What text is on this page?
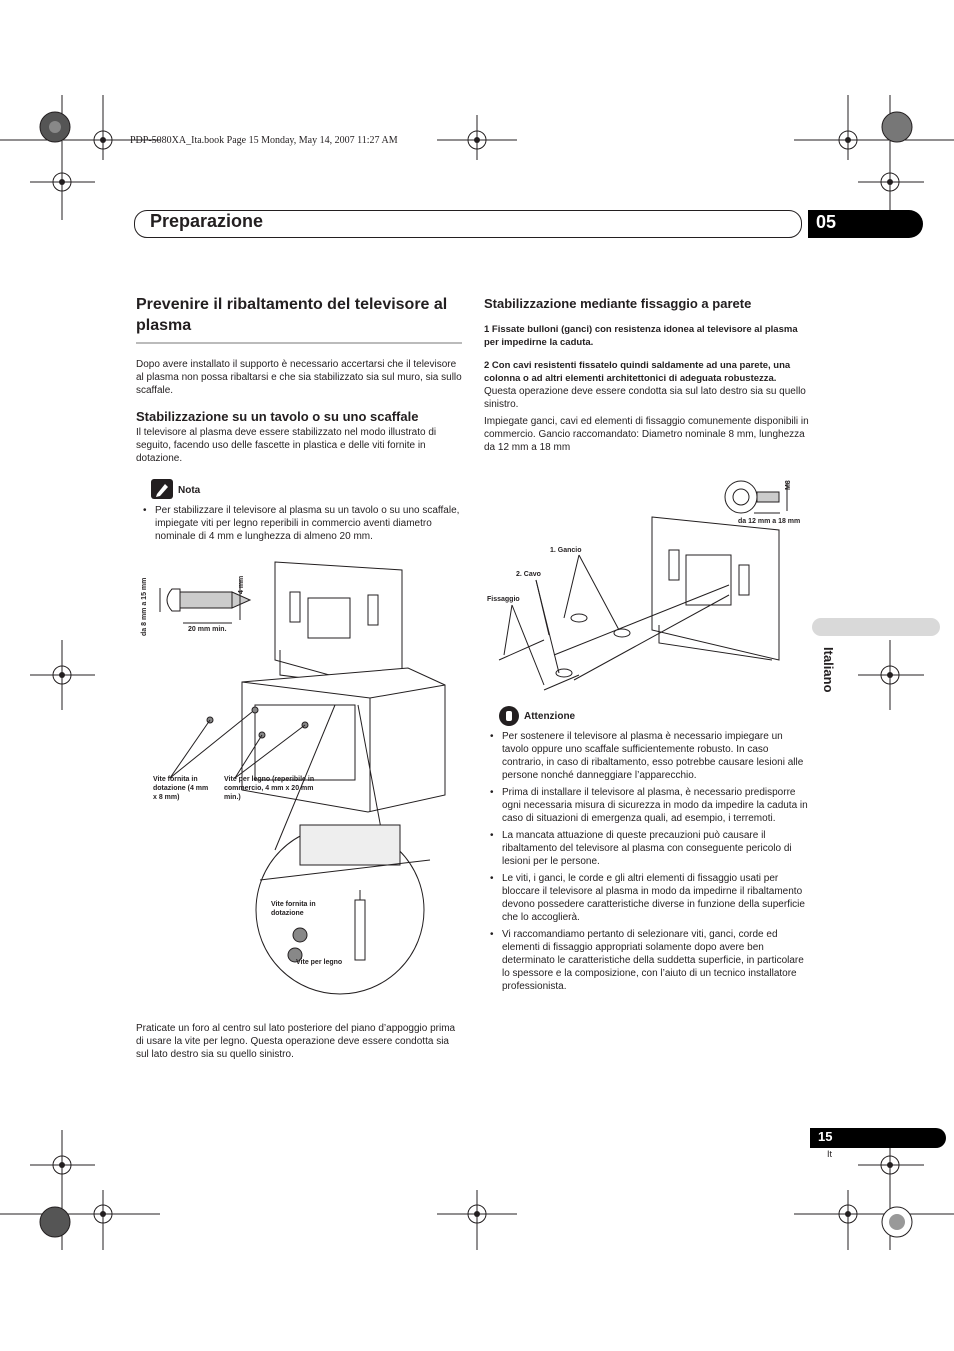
PDP-5080XA_Ita.book Page 15 Monday, May 14, 2007 11:27 AM
Preparazione	05
Prevenire il ribaltamento del televisore al plasma

Dopo avere installato il supporto è necessario accertarsi che il televisore al plasma non possa ribaltarsi e che sia stabilizzato sia sul muro, sia sullo scaffale.

Stabilizzazione su un tavolo o su uno scaffale

Il televisore al plasma deve essere stabilizzato nel modo illustrato di seguito, facendo uso delle fascette in plastica e delle viti fornite in dotazione.

Nota
• Per stabilizzare il televisore al plasma su un tavolo o su uno scaffale, impiegate viti per legno reperibili in commercio aventi diametro nominale di 4 mm e lunghezza di almeno 20 mm.
da 8 mm a 15 mm	4 mm
20 mm min.
Vite fornita in dotazione (4 mm x 8 mm)
Vite per legno (reperibile in commercio, 4 mm x 20 mm min.)
Vite fornita in dotazione
Vite per legno

Praticate un foro al centro sul lato posteriore del piano d’appoggio prima di usare la vite per legno. Questa operazione deve essere condotta sia sul lato destro sia su quello sinistro.

Stabilizzazione mediante fissaggio a parete

1 Fissate bulloni (ganci) con resistenza idonea al televisore al plasma per impedirne la caduta.

2 Con cavi resistenti fissatelo quindi saldamente ad una parete, una colonna o ad altri elementi architettonici di adeguata robustezza.

Questa operazione deve essere condotta sia sul lato destro sia su quello sinistro.

Impiegate ganci, cavi ed elementi di fissaggio comunemente disponibili in commercio. Gancio raccomandato: Diametro nominale 8 mm, lunghezza da 12 mm a 18 mm

M8
da 12 mm a 18 mm
1. Gancio
2. Cavo
Fissaggio
Attenzione
• Per sostenere il televisore al plasma è necessario impiegare un tavolo oppure uno scaffale sufficientemente robusto. In caso contrario, in caso di ribaltamento, esso potrebbe causare lesioni alle persone nonché danneggiare l’apparecchio.
• Prima di installare il televisore al plasma, è necessario predisporre ogni necessaria misura di sicurezza in modo da impedire la caduta in caso di situazioni di emergenza quali, ad esempio, i terremoti.
• La mancata attuazione di queste precauzioni può causare il ribaltamento del televisore al plasma con conseguente pericolo di lesioni per le persone.
• Le viti, i ganci, le corde e gli altri elementi di fissaggio usati per bloccare il televisore al plasma in modo da impedirne il ribaltamento devono possedere caratteristiche diverse in funzione della superficie che lo accoglierà.
• Vi raccomandiamo pertanto di selezionare viti, ganci, corde ed elementi di fissaggio appropriati solamente dopo avere ben determinato le caratteristiche della suddetta superficie, in particolare lo spessore e la composizione, con l’aiuto di un tecnico installatore professionista.
Italiano
15
It
